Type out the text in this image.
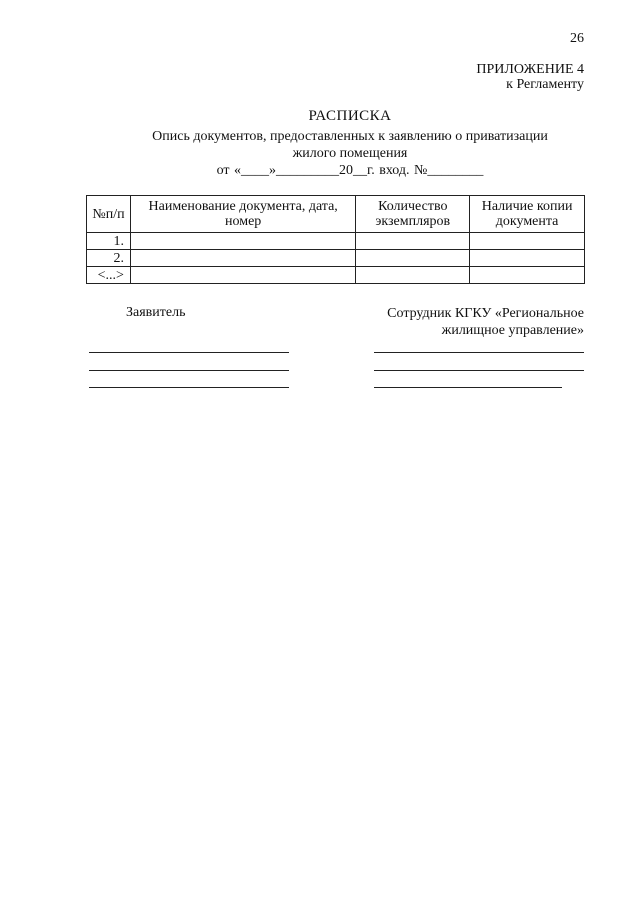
26
ПРИЛОЖЕНИЕ 4
к Регламенту
РАСПИСКА
Опись документов, предоставленных к заявлению о приватизации
жилого помещения
от «____»_________20__г. вход. №________
№п/п	Наименование документа, дата, номер	Количество экземпляров	Наличие копии документа
1.			
2.			
<...>			
Заявитель	Сотрудник КГКУ «Региональное
жилищное управление»
